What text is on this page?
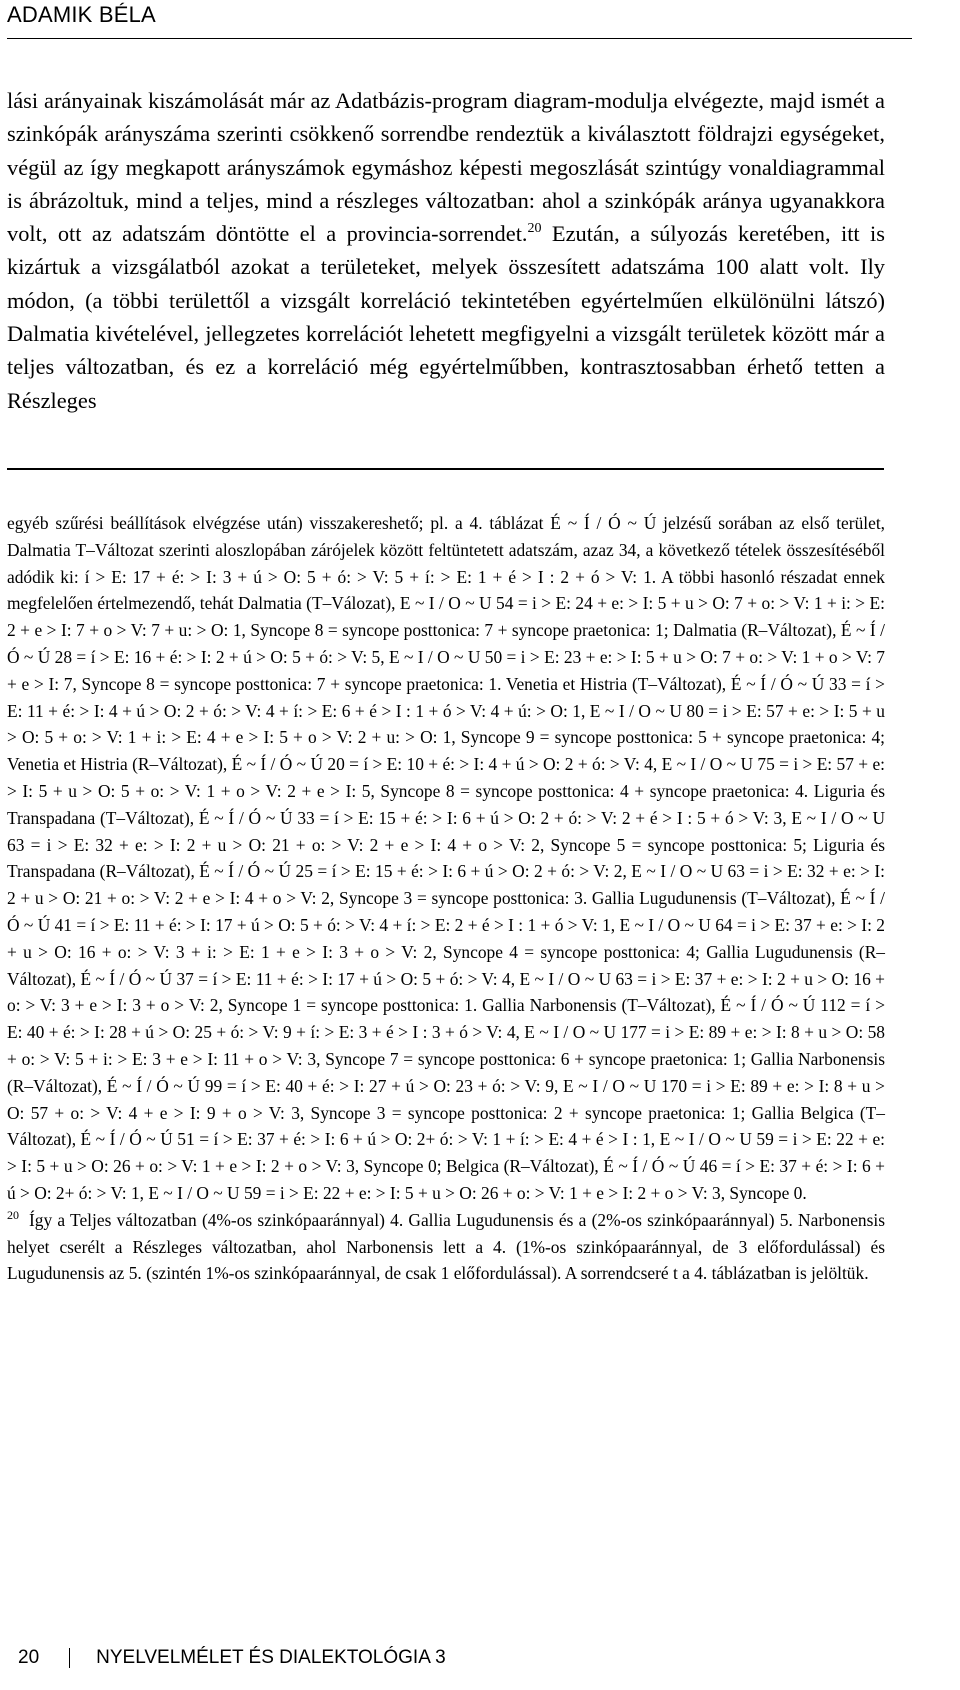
ADAMIK BÉLA
lási arányainak kiszámolását már az Adatbázis-program diagram-modulja elvégezte, majd ismét a szinkópák arányszáma szerinti csökkenő sorrendbe rendeztük a kiválasztott földrajzi egységeket, végül az így megkapott arányszámok egymáshoz képesti megoszlását szintúgy vonaldiagrammal is ábrázoltuk, mind a teljes, mind a részleges változatban: ahol a szinkópák aránya ugyanakkora volt, ott az adatszám döntötte el a provincia-sorrendet.$^{20}$ Ezután, a súlyozás keretében, itt is kizártuk a vizsgálatból azokat a területeket, melyek összesített adatszáma 100 alatt volt. Ily módon, (a többi területtől a vizsgált korreláció tekintetében egyértelműen elkülönülni látszó) Dalmatia kivételével, jellegzetes korrelációt lehetett megfigyelni a vizsgált területek között már a teljes változatban, és ez a korreláció még egyértelműbben, kontrasztosabban érhető tetten a Részleges

egyéb szűrési beállítások elvégzése után) visszakereshető; pl. a 4. táblázat É ~ Í / Ó ~ Ú jelzésű sorában az első terület, Dalmatia T–Változat szerinti aloszlopában zárójelek között feltüntetett adatszám, azaz 34, a következő tételek összesítéséből adódik ki: í > E: 17 + é: > I: 3 + ú > O: 5 + ó: > V: 5 + í: > E: 1 + é > I : 2 + ó > V: 1. A többi hasonló részadat ennek megfelelően értelmezendő, tehát Dalmatia (T–Válozat), E ~ I / O ~ U 54 = i > E: 24 + e: > I: 5 + u > O: 7 + o: > V: 1 + i: > E: 2 + e > I: 7 + o > V: 7 + u: > O: 1, Syncope 8 = syncope posttonica: 7 + syncope praetonica: 1; Dalmatia (R–Változat), É ~ Í / Ó ~ Ú 28 = í > E: 16 + é: > I: 2 + ú > O: 5 + ó: > V: 5, E ~ I / O ~ U 50 = i > E: 23 + e: > I: 5 + u > O: 7 + o: > V: 1 + o > V: 7 + e > I: 7, Syncope 8 = syncope posttonica: 7 + syncope praetonica: 1. Venetia et Histria (T–Változat), É ~ Í / Ó ~ Ú 33 = í > E: 11 + é: > I: 4 + ú > O: 2 + ó: > V: 4 + í: > E: 6 + é > I : 1 + ó > V: 4 + ú: > O: 1, E ~ I / O ~ U 80 = i > E: 57 + e: > I: 5 + u > O: 5 + o: > V: 1 + i: > E: 4 + e > I: 5 + o > V: 2 + u: > O: 1, Syncope 9 = syncope posttonica: 5 + syncope praetonica: 4; Venetia et Histria (R–Változat), É ~ Í / Ó ~ Ú 20 = í > E: 10 + é: > I: 4 + ú > O: 2 + ó: > V: 4, E ~ I / O ~ U 75 = i > E: 57 + e: > I: 5 + u > O: 5 + o: > V: 1 + o > V: 2 + e > I: 5, Syncope 8 = syncope posttonica: 4 + syncope praetonica: 4. Liguria és Transpadana (T–Változat), É ~ Í / Ó ~ Ú 33 = í > E: 15 + é: > I: 6 + ú > O: 2 + ó: > V: 2 + é > I : 5 + ó > V: 3, E ~ I / O ~ U 63 = i > E: 32 + e: > I: 2 + u > O: 21 + o: > V: 2 + e > I: 4 + o > V: 2, Syncope 5 = syncope posttonica: 5; Liguria és Transpadana (R–Változat), É ~ Í / Ó ~ Ú 25 = í > E: 15 + é: > I: 6 + ú > O: 2 + ó: > V: 2, E ~ I / O ~ U 63 = i > E: 32 + e: > I: 2 + u > O: 21 + o: > V: 2 + e > I: 4 + o > V: 2, Syncope 3 = syncope posttonica: 3. Gallia Lugudunensis (T–Változat), É ~ Í / Ó ~ Ú 41 = í > E: 11 + é: > I: 17 + ú > O: 5 + ó: > V: 4 + í: > E: 2 + é > I : 1 + ó > V: 1, E ~ I / O ~ U 64 = i > E: 37 + e: > I: 2 + u > O: 16 + o: > V: 3 + i: > E: 1 + e > I: 3 + o > V: 2, Syncope 4 = syncope posttonica: 4; Gallia Lugudunensis (R–Változat), É ~ Í / Ó ~ Ú 37 = í > E: 11 + é: > I: 17 + ú > O: 5 + ó: > V: 4, E ~ I / O ~ U 63 = i > E: 37 + e: > I: 2 + u > O: 16 + o: > V: 3 + e > I: 3 + o > V: 2, Syncope 1 = syncope posttonica: 1. Gallia Narbonensis (T–Változat), É ~ Í / Ó ~ Ú 112 = í > E: 40 + é: > I: 28 + ú > O: 25 + ó: > V: 9 + í: > E: 3 + é > I : 3 + ó > V: 4, E ~ I / O ~ U 177 = i > E: 89 + e: > I: 8 + u > O: 58 + o: > V: 5 + i: > E: 3 + e > I: 11 + o > V: 3, Syncope 7 = syncope posttonica: 6 + syncope praetonica: 1; Gallia Narbonensis (R–Változat), É ~ Í / Ó ~ Ú 99 = í > E: 40 + é: > I: 27 + ú > O: 23 + ó: > V: 9, E ~ I / O ~ U 170 = i > E: 89 + e: > I: 8 + u > O: 57 + o: > V: 4 + e > I: 9 + o > V: 3, Syncope 3 = syncope posttonica: 2 + syncope praetonica: 1; Gallia Belgica (T–Változat), É ~ Í / Ó ~ Ú 51 = í > E: 37 + é: > I: 6 + ú > O: 2+ ó: > V: 1 + í: > E: 4 + é > I : 1, E ~ I / O ~ U 59 = i > E: 22 + e: > I: 5 + u > O: 26 + o: > V: 1 + e > I: 2 + o > V: 3, Syncope 0; Belgica (R–Változat), É ~ Í / Ó ~ Ú 46 = í > E: 37 + é: > I: 6 + ú > O: 2+ ó: > V: 1, E ~ I / O ~ U 59 = i > E: 22 + e: > I: 5 + u > O: 26 + o: > V: 1 + e > I: 2 + o > V: 3, Syncope 0.

$^{20}$ Így a Teljes változatban (4%-os szinkópaaránnyal) 4. Gallia Lugudunensis és a (2%-os szinkópaaránnyal) 5. Narbonensis helyet cserélt a Részleges változatban, ahol Narbonensis lett a 4. (1%-os szinkópaaránnyal, de 3 előfordulással) és Lugudunensis az 5. (szintén 1%-os szinkópaaránnyal, de csak 1 előfordulással). A sorrendcseré t a 4. táblázatban is jelöltük.

20	NYELVELMÉLET ÉS DIALEKTOLÓGIA 3
